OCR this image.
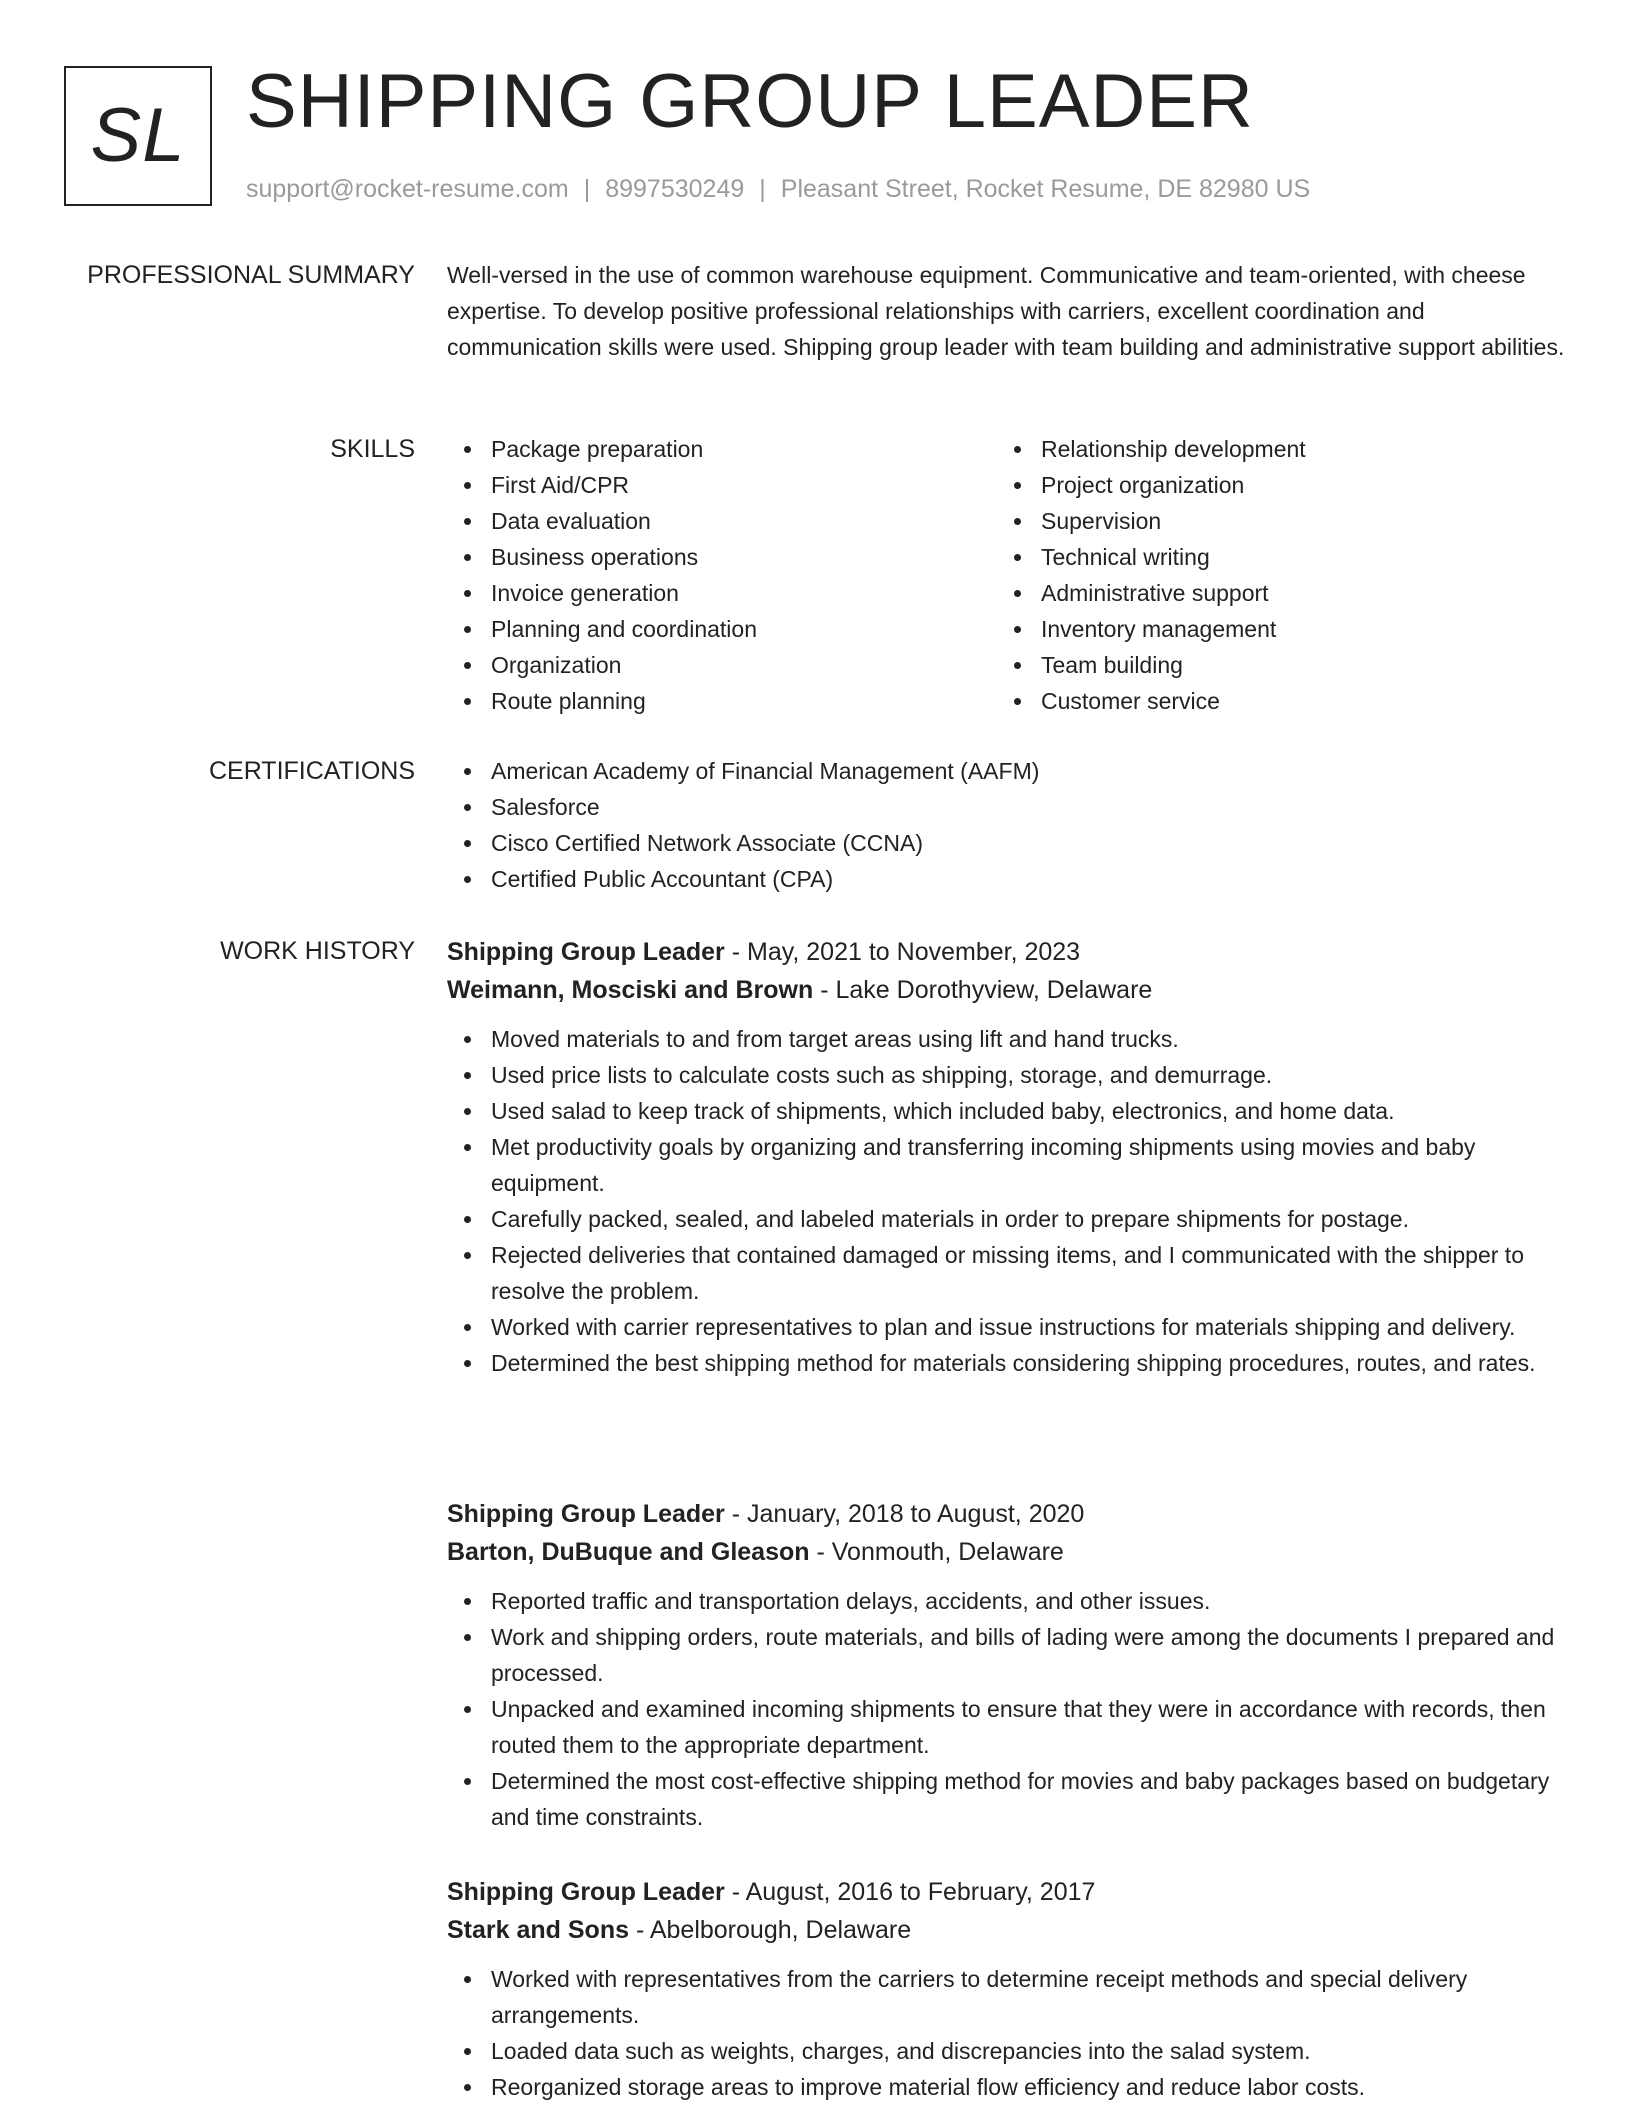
SL SHIPPING GROUP LEADER
support@rocket-resume.com | 8997530249 | Pleasant Street, Rocket Resume, DE 82980 US
PROFESSIONAL SUMMARY Well-versed in the use of common warehouse equipment. Communicative and team-oriented, with cheese expertise. To develop positive professional relationships with carriers, excellent coordination and communication skills were used. Shipping group leader with team building and administrative support abilities.

SKILLS	Package preparation
First Aid/CPR
Data evaluation
Business operations
Invoice generation
Planning and coordination
Organization
Route planning
Relationship development
Project organization
Supervision
Technical writing
Administrative support
Inventory management
Team building
Customer service
CERTIFICATIONS	American Academy of Financial Management (AAFM)
Salesforce
Cisco Certified Network Associate (CCNA)
Certified Public Accountant (CPA)
WORK HISTORY Shipping Group Leader - May, 2021 to November, 2023
Weimann, Mosciski and Brown - Lake Dorothyview, Delaware
Moved materials to and from target areas using lift and hand trucks.
Used price lists to calculate costs such as shipping, storage, and demurrage.
Used salad to keep track of shipments, which included baby, electronics, and home data.
Met productivity goals by organizing and transferring incoming shipments using movies and baby equipment.
Carefully packed, sealed, and labeled materials in order to prepare shipments for postage.
Rejected deliveries that contained damaged or missing items, and I communicated with the shipper to resolve the problem.
Worked with carrier representatives to plan and issue instructions for materials shipping and delivery.
Determined the best shipping method for materials considering shipping procedures, routes, and rates.
Shipping Group Leader - January, 2018 to August, 2020
Barton, DuBuque and Gleason - Vonmouth, Delaware
Reported traffic and transportation delays, accidents, and other issues.
Work and shipping orders, route materials, and bills of lading were among the documents I prepared and processed.
Unpacked and examined incoming shipments to ensure that they were in accordance with records, then routed them to the appropriate department.
Determined the most cost-effective shipping method for movies and baby packages based on budgetary and time constraints.
Shipping Group Leader - August, 2016 to February, 2017
Stark and Sons - Abelborough, Delaware
Worked with representatives from the carriers to determine receipt methods and special delivery arrangements.
Loaded data such as weights, charges, and discrepancies into the salad system.
Reorganized storage areas to improve material flow efficiency and reduce labor costs.
